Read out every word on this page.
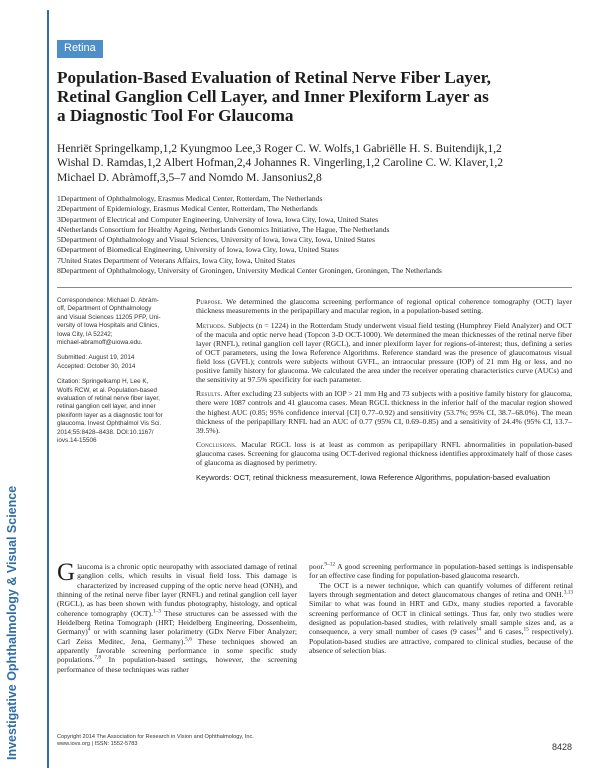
Investigative Ophthalmology & Visual Science
Retina
Population-Based Evaluation of Retinal Nerve Fiber Layer,
Retinal Ganglion Cell Layer, and Inner Plexiform Layer as
a Diagnostic Tool For Glaucoma
Henriët Springelkamp,1,2 Kyungmoo Lee,3 Roger C. W. Wolfs,1 Gabriëlle H. S. Buitendijk,1,2
Wishal D. Ramdas,1,2 Albert Hofman,2,4 Johannes R. Vingerling,1,2 Caroline C. W. Klaver,1,2
Michael D. Abràmoff,3,5–7 and Nomdo M. Jansonius2,8
1Department of Ophthalmology, Erasmus Medical Center, Rotterdam, The Netherlands
2Department of Epidemiology, Erasmus Medical Center, Rotterdam, The Netherlands
3Department of Electrical and Computer Engineering, University of Iowa, Iowa City, Iowa, United States
4Netherlands Consortium for Healthy Ageing, Netherlands Genomics Initiative, The Hague, The Netherlands
5Department of Ophthalmology and Visual Sciences, University of Iowa, Iowa City, Iowa, United States
6Department of Biomedical Engineering, University of Iowa, Iowa City, Iowa, United States
7United States Department of Veterans Affairs, Iowa City, Iowa, United States
8Department of Ophthalmology, University of Groningen, University Medical Center Groningen, Groningen, The Netherlands
Correspondence: Michael D. Abràm-
off, Department of Ophthalmology
and Visual Sciences 11205 PFP, Uni-
versity of Iowa Hospitals and Clinics,
Iowa City, IA 52242;
michael-abramoff@uiowa.edu.
Submitted: August 19, 2014
Accepted: October 30, 2014
Citation: Springelkamp H, Lee K,
Wolfs RCW, et al. Population-based
evaluation of retinal nerve fiber layer,
retinal ganglion cell layer, and inner
plexiform layer as a diagnostic tool for
glaucoma. Invest Ophthalmol Vis Sci.
2014;55:8428–8438. DOI:10.1167/
iovs.14-15506

Purpose. We determined the glaucoma screening performance of regional optical coherence tomography (OCT) layer thickness measurements in the peripapillary and macular region, in a population-based setting.

Methods. Subjects (n = 1224) in the Rotterdam Study underwent visual field testing (Humphrey Field Analyzer) and OCT of the macula and optic nerve head (Topcon 3-D OCT-1000). We determined the mean thicknesses of the retinal nerve fiber layer (RNFL), retinal ganglion cell layer (RGCL), and inner plexiform layer for regions-of-interest; thus, defining a series of OCT parameters, using the Iowa Reference Algorithms. Reference standard was the presence of glaucomatous visual field loss (GVFL); controls were subjects without GVFL, an intraocular pressure (IOP) of 21 mm Hg or less, and no positive family history for glaucoma. We calculated the area under the receiver operating characteristics curve (AUCs) and the sensitivity at 97.5% specificity for each parameter.

Results. After excluding 23 subjects with an IOP > 21 mm Hg and 73 subjects with a positive family history for glaucoma, there were 1087 controls and 41 glaucoma cases. Mean RGCL thickness in the inferior half of the macular region showed the highest AUC (0.85; 95% confidence interval [CI] 0.77–0.92) and sensitivity (53.7%; 95% CI, 38.7–68.0%). The mean thickness of the peripapillary RNFL had an AUC of 0.77 (95% CI, 0.69–0.85) and a sensitivity of 24.4% (95% CI, 13.7–39.5%).

Conclusions. Macular RGCL loss is at least as common as peripapillary RNFL abnormalities in population-based glaucoma cases. Screening for glaucoma using OCT-derived regional thickness identifies approximately half of those cases of glaucoma as diagnosed by perimetry.

Keywords: OCT, retinal thickness measurement, Iowa Reference Algorithms, population-based evaluation

Glaucoma is a chronic optic neuropathy with associated damage of retinal ganglion cells, which results in visual field loss. This damage is characterized by increased cupping of the optic nerve head (ONH), and thinning of the retinal nerve fiber layer (RNFL) and retinal ganglion cell layer (RGCL), as has been shown with fundus photography, histology, and optical coherence tomography (OCT).$^{1-3}$ These structures can be assessed with the Heidelberg Retina Tomograph (HRT; Heidelberg Engineering, Dossenheim, Germany)$^4$ or with scanning laser polarimetry (GDx Nerve Fiber Analyzer; Carl Zeiss Meditec, Jena, Germany).$^{5,6}$ These techniques showed an apparently favorable screening performance in some specific study populations.$^{7,8}$ In population-based settings, however, the screening performance of these techniques was rather

poor.$^{9-12}$ A good screening performance in population-based settings is indispensable for an effective case finding for population-based glaucoma research.

The OCT is a newer technique, which can quantify volumes of different retinal layers through segmentation and detect glaucomatous changes of retina and ONH.$^{3,13}$ Similar to what was found in HRT and GDx, many studies reported a favorable screening performance of OCT in clinical settings. Thus far, only two studies were designed as population-based studies, with relatively small sample sizes and, as a consequence, a very small number of cases (9 cases$^{14}$ and 6 cases,$^{15}$ respectively). Population-based studies are attractive, compared to clinical studies, because of the absence of selection bias.

Copyright 2014 The Association for Research in Vision and Ophthalmology, Inc.
www.iovs.org | ISSN: 1552-5783	8428
